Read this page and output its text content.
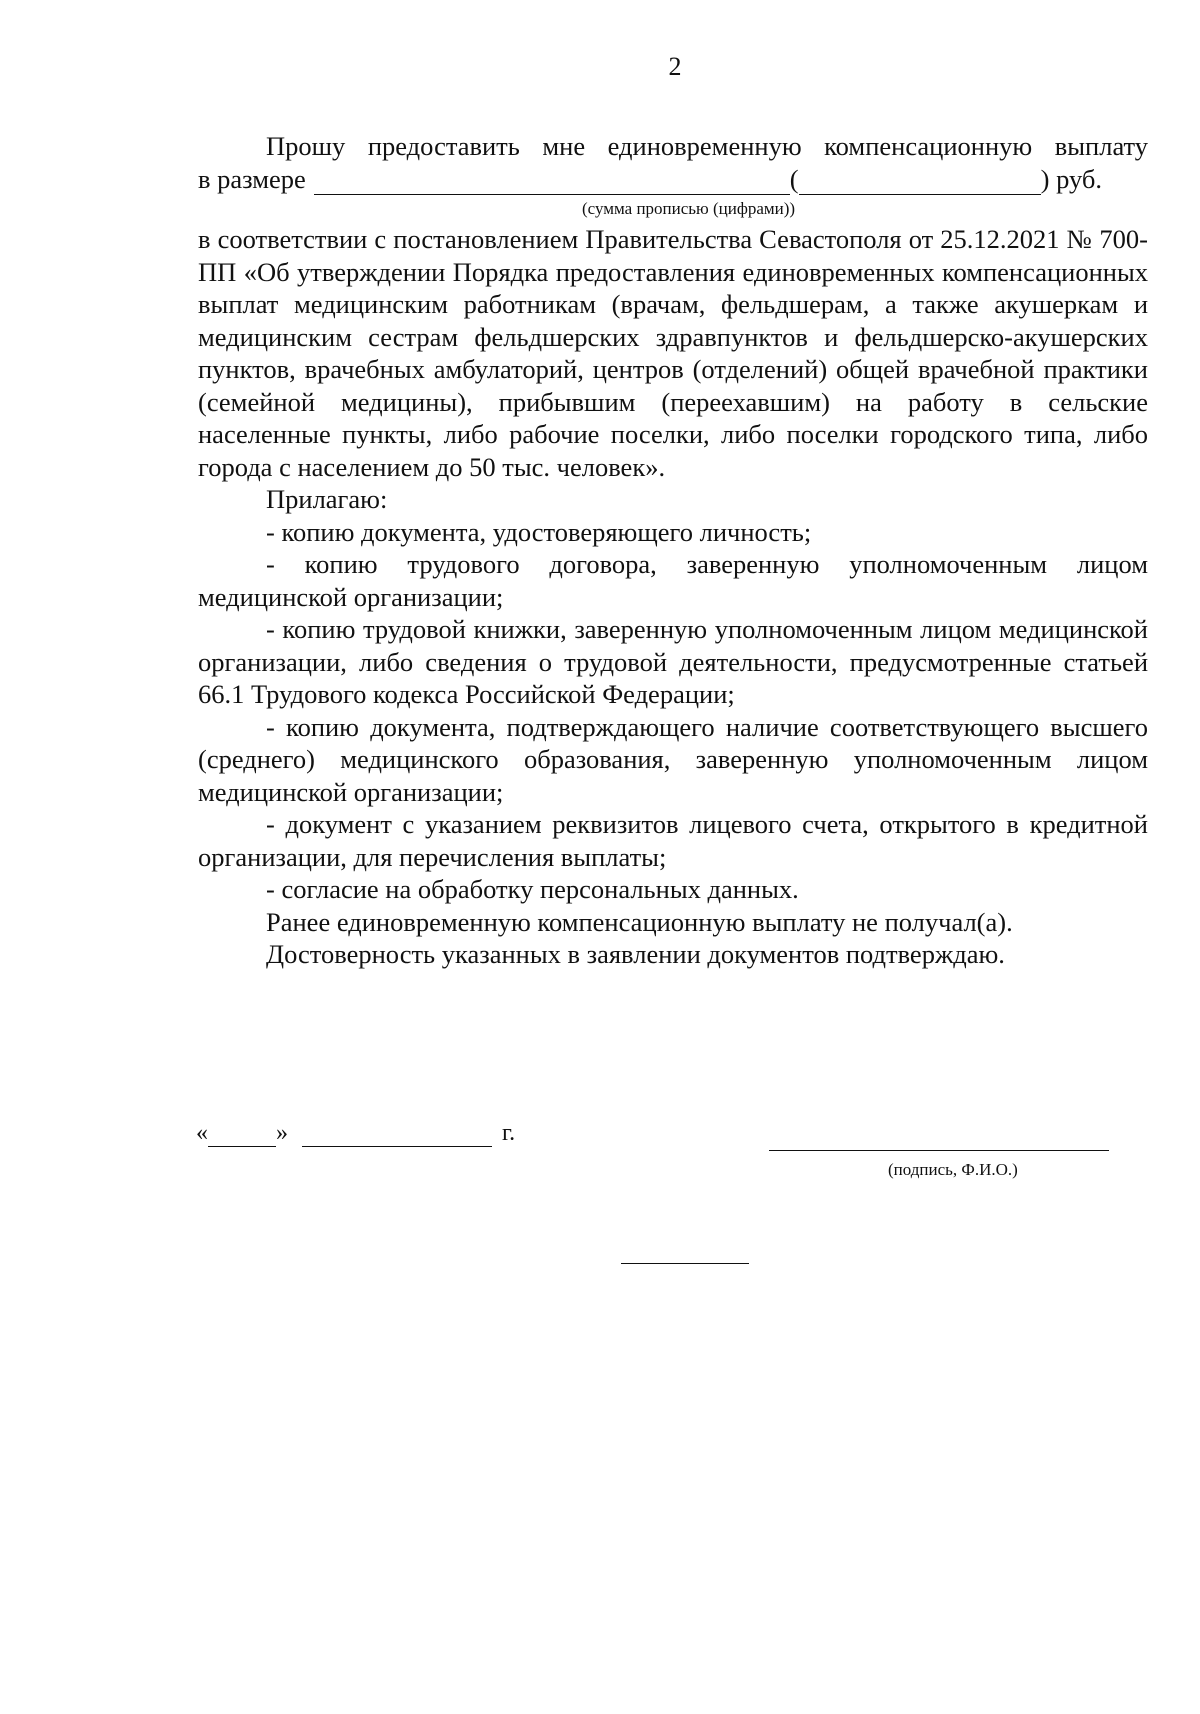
2

Прошу предоставить мне единовременную компенсационную выплату

в размере	(	) руб.

(сумма прописью (цифрами))

в соответствии с постановлением Правительства Севастополя от 25.12.2021 № 700-ПП «Об утверждении Порядка предоставления единовременных компенсационных выплат медицинским работникам (врачам, фельдшерам, а также акушеркам и медицинским сестрам фельдшерских здравпунктов и фельдшерско-акушерских пунктов, врачебных амбулаторий, центров (отделений) общей врачебной практики (семейной медицины), прибывшим (переехавшим) на работу в сельские населенные пункты, либо рабочие поселки, либо поселки городского типа, либо города с населением до 50 тыс. человек».

Прилагаю:

- копию документа, удостоверяющего личность;

- копию трудового договора, заверенную уполномоченным лицом медицинской организации;

- копию трудовой книжки, заверенную уполномоченным лицом медицинской организации, либо сведения о трудовой деятельности, предусмотренные статьей 66.1 Трудового кодекса Российской Федерации;

- копию документа, подтверждающего наличие соответствующего высшего (среднего) медицинского образования, заверенную уполномоченным лицом медицинской организации;

- документ с указанием реквизитов лицевого счета, открытого в кредитной организации, для перечисления выплаты;

- согласие на обработку персональных данных.

Ранее единовременную компенсационную выплату не получал(а).

Достоверность указанных в заявлении документов подтверждаю.

«	»	г.
(подпись, Ф.И.О.)
